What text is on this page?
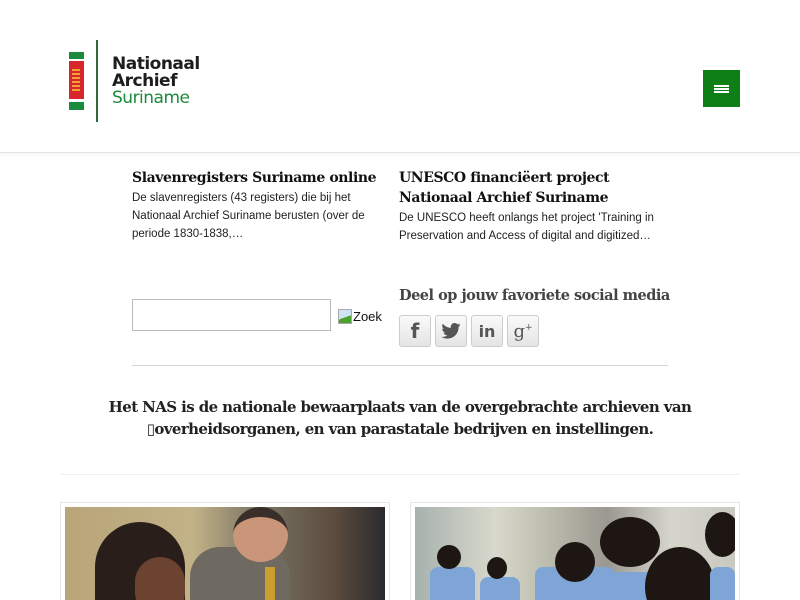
Nationaal
Archief
Suriname
Slavenregisters Suriname online

De slavenregisters (43 registers) die bij het Nationaal Archief Suriname berusten (over de periode 1830-1838,…

UNESCO financiëert project Nationaal Archief Suriname

De UNESCO heeft onlangs het project 'Training in Preservation and Access of digital and digitized…

Zoek
Deel op jouw favoriete social media
f	in g+

Het NAS is de nationale bewaarplaats van de overgebrachte archieven van ▯overheidsorganen, en van parastatale bedrijven en instellingen.
